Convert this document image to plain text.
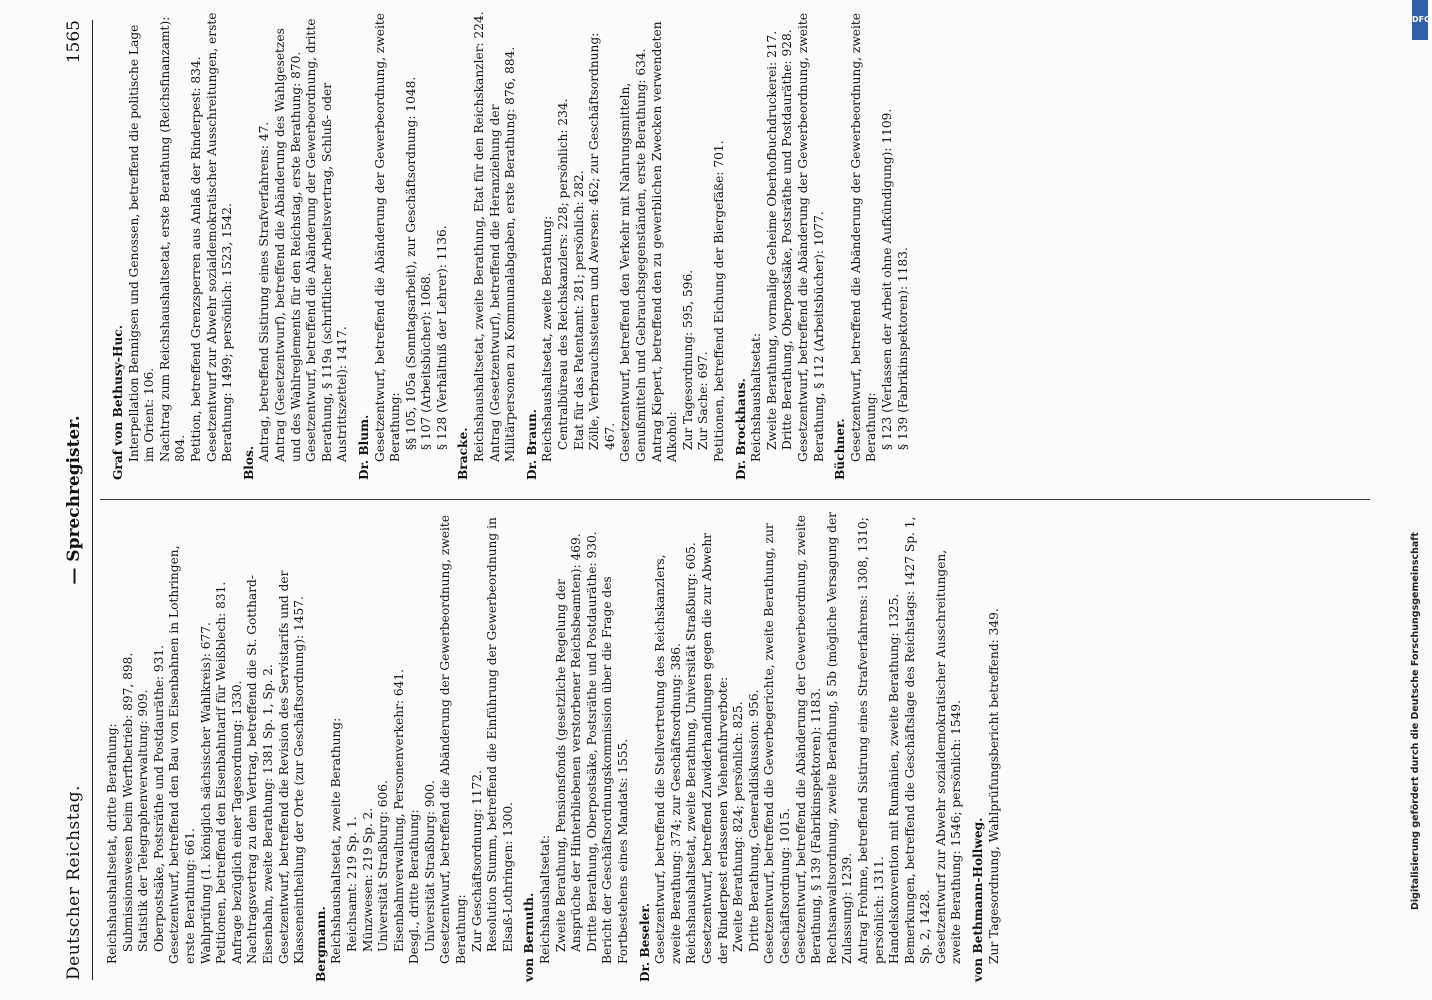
Deutscher Reichstag.
— Sprechregister.
1565
Reichshaushaltsetat, dritte Berathung: Submissionswesen beim Werftbetrieb: 897, 898. Statistik der Telegraphenverwaltung: 909. Oberpostsäke, Postsräthe und Postdauräthe: 931. Gesetzentwurf, betreffend den Bau von Eisenbahnen in Lothringen, erste Berathung: 661. Wahlprüfung (1. königlich sächsischer Wahlkreis): 677. Petitionen, betreffend den Eisenbahntarif für Weißblech: 831. Anfrage bezüglich einer Tagesordnung: 1330. Nachtragsvertrag zu dem Vertrag, betreffend die St. Gotthard-Eisenbahn, zweite Berathung: 1381 Sp. 1, Sp. 2. Gesetzentwurf, betreffend die Revision des Servistarifs und der Klasseneintheilung der Orte (zur Geschäftsordnung): 1457. Bergmann. Reichshaushaltsetat, zweite Berathung: Reichsamt: 219 Sp. 1. Münzwesen: 219 Sp. 2. Universität Straßburg: 606. Eisenbahnverwaltung, Personenverkehr: 641. Desgl., dritte Berathung: Universität Straßburg: 900. Gesetzentwurf, betreffend die Abänderung der Gewerbeordnung, zweite Berathung: Zur Geschäftsordnung: 1172. Resolution Stumm, betreffend die Einführung der Gewerbeordnung in Elsaß-Lothringen: 1300. von Bernuth. Reichshaushaltsetat: Zweite Berathung, Pensionsfonds (gesetzliche Regelung der Ansprüche der Hinterbliebenen verstorbener Reichsbeamten): 469. Dritte Berathung, Oberpostsäke, Postsräthe und Postdauräthe: 930. Bericht der Geschäftsordnungskommission über die Frage des Fortbestehens eines Mandats: 1555. Dr. Beseler. Gesetzentwurf, betreffend die Stellvertretung des Reichskanzlers, zweite Berathung: 374; zur Geschäftsordnung: 386. Reichshaushaltsetat, zweite Berathung, Universität Straßburg: 605. Gesetzentwurf, betreffend Zuwiderhandlungen gegen die zur Abwehr der Rinderpest erlassenen Viehenfuhrverbote: Zweite Berathung: 824; persönlich: 825. Dritte Berathung, Generaldiskussion: 956. Gesetzentwurf, betreffend die Gewerbegerichte, zweite Berathung, zur Geschäftsordnung: 1015. Gesetzentwurf, betreffend die Abänderung der Gewerbeordnung, zweite Berathung, § 139 (Fabrikinspektoren): 1183. Rechtsanwaltsordnung, zweite Berathung, § 5b (mögliche Versagung der Zulassung): 1239. Antrag Frohme, betreffend Sistirung eines Strafverfahrens: 1308, 1310; persönlich: 1311. Handelskonvention mit Rumänien, zweite Berathung: 1325. Bemerkungen, betreffend die Geschäftslage des Reichstags: 1427 Sp. 1, Sp. 2, 1428. Gesetzentwurf zur Abwehr sozialdemokratischer Ausschreitungen, zweite Berathung: 1546; persönlich: 1549. von Bethmann-Hollweg. Zur Tagesordnung, Wahlprüfungsbericht betreffend: 349.
Graf von Bethusy-Huc. Interpellation Bennigsen und Genossen, betreffend die politische Lage im Orient: 106. Nachtrag zum Reichshaushaltsetat, erste Berathung (Reichsfinanzamt): 804. Petition, betreffend Grenzsperren aus Anlaß der Rinderpest: 834. Gesetzentwurf zur Abwehr sozialdemokratischer Ausschreitungen, erste Berathung: 1499; persönlich: 1523, 1542.
Blos.
Antrag, betreffend Sistirung eines Strafverfahrens: 47. Antrag (Gesetzentwurf), betreffend die Abänderung des Wahlgesetzes und des Wahlreglements für den Reichstag, erste Berathung: 870. Gesetzentwurf, betreffend die Abänderung der Gewerbeordnung, dritte Berathung, § 119a (schriftlicher Arbeitsvertrag, Schluß- oder Austrittszettel): 1417. Dr. Blum. Gesetzentwurf, betreffend die Abänderung der Gewerbeordnung, zweite Berathung: §§ 105, 105a (Sonntagsarbeit), zur Geschäftsordnung: 1048. § 107 (Arbeitsbücher): 1068. § 128 (Verhältniß der Lehrer): 1136.
Bracke. Reichshaushaltsetat, zweite Berathung, Etat für den Reichskanzler: 224. Antrag (Gesetzentwurf), betreffend die Heranziehung der Militärpersonen zu Kommunalabgaben, erste Berathung: 876, 884. Dr. Braun. Reichshaushaltsetat, zweite Berathung: Centralbüreau des Reichskanzlers: 228; persönlich: 234. Etat für das Patentamt: 281; persönlich: 282. Zölle, Verbrauchssteuern und Aversen: 462; zur Geschäftsordnung: 467. Gesetzentwurf, betreffend den Verkehr mit Nahrungsmitteln, Genußmitteln und Gebrauchsgegenständen, erste Berathung: 634. Antrag Kiepert, betreffend den zu gewerblichen Zwecken verwendeten Alkohol: Zur Tagesordnung: 595, 596. Zur Sache: 697. Petitionen, betreffend Eichung der Biergefäße: 701. Dr. Brockhaus. Reichshaushaltsetat: Zweite Berathung, vormalige Geheime Oberhofbuchdruckerei: 217. Dritte Berathung, Oberpostsäke, Postsräthe und Postdauräthe: 928. Gesetzentwurf, betreffend die Abänderung der Gewerbeordnung, zweite Berathung, § 112 (Arbeitsbücher): 1077. Büchner. Gesetzentwurf, betreffend die Abänderung der Gewerbeordnung, zweite Berathung: § 123 (Verlassen der Arbeit ohne Aufkündigung): 1109. § 139 (Fabrikinspektoren): 1183.
Digitalisierung gefördert durch die Deutsche Forschungsgemeinschaft
DFG
